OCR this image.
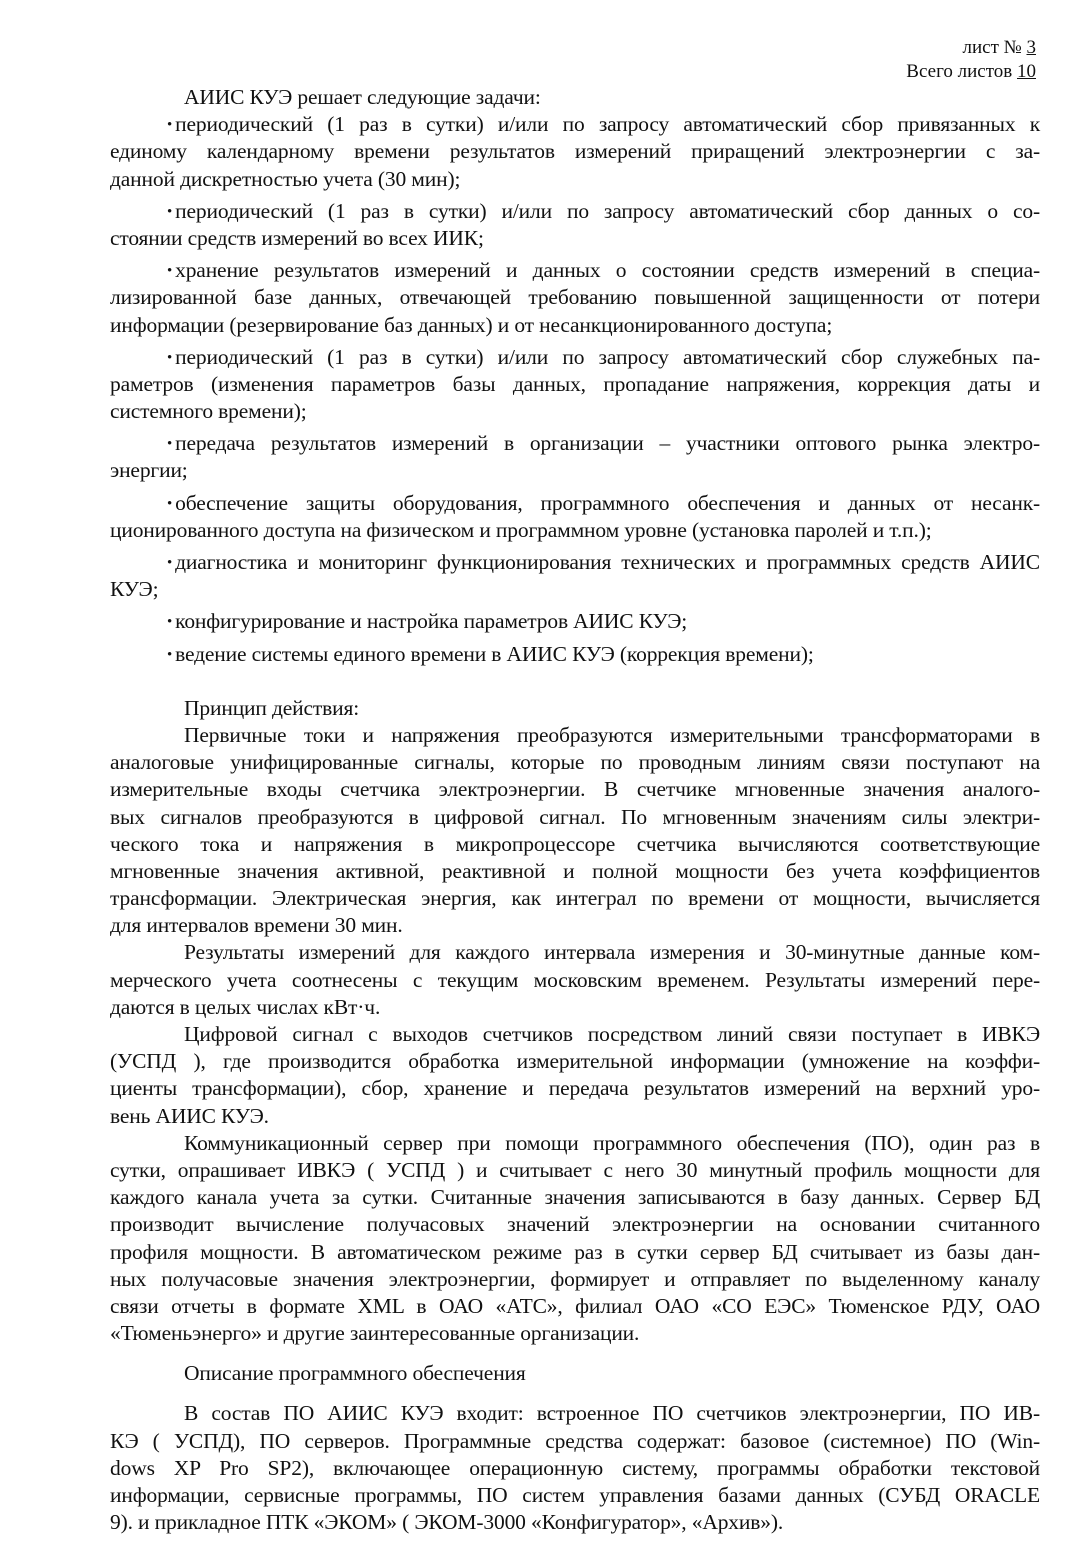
лист № 3
Всего листов 10
АИИС КУЭ решает следующие задачи:
• периодический (1 раз в сутки) и/или по запросу автоматический сбор привязанных к
единому календарному времени результатов измерений приращений электроэнергии с за-
данной дискретностью учета (30 мин);
• периодический (1 раз в сутки) и/или по запросу автоматический сбор данных о со-
стоянии средств измерений во всех ИИК;
• хранение результатов измерений и данных о состоянии средств измерений в специа-
лизированной базе данных, отвечающей требованию повышенной защищенности от потери
информации (резервирование баз данных) и от несанкционированного доступа;
• периодический (1 раз в сутки) и/или по запросу автоматический сбор служебных па-
раметров (изменения параметров базы данных, пропадание напряжения, коррекция даты и
системного времени);
• передача результатов измерений в организации – участники оптового рынка электро-
энергии;
• обеспечение защиты оборудования, программного обеспечения и данных от несанк-
ционированного доступа на физическом и программном уровне (установка паролей и т.п.);
• диагностика и мониторинг функционирования технических и программных средств АИИС
КУЭ;
• конфигурирование и настройка параметров АИИС КУЭ;
• ведение системы единого времени в АИИС КУЭ (коррекция времени);
Принцип действия:
Первичные токи и напряжения преобразуются измерительными трансформаторами в
аналоговые унифицированные сигналы, которые по проводным линиям связи поступают на
измерительные входы счетчика электроэнергии. В счетчике мгновенные значения аналого-
вых сигналов преобразуются в цифровой сигнал. По мгновенным значениям силы электри-
ческого тока и напряжения в микропроцессоре счетчика вычисляются соответствующие
мгновенные значения активной, реактивной и полной мощности без учета коэффициентов
трансформации. Электрическая энергия, как интеграл по времени от мощности, вычисляется
для интервалов времени 30 мин.
Результаты измерений для каждого интервала измерения и 30-минутные данные ком-
мерческого учета соотнесены с текущим московским временем. Результаты измерений пере-
даются в целых числах кВт·ч.
Цифровой сигнал с выходов счетчиков посредством линий связи поступает в ИВКЭ
(УСПД ), где производится обработка измерительной информации (умножение на коэффи-
циенты трансформации), сбор, хранение и передача результатов измерений на верхний уро-
вень АИИС КУЭ.
Коммуникационный сервер при помощи программного обеспечения (ПО), один раз в
сутки, опрашивает ИВКЭ ( УСПД ) и считывает с него 30 минутный профиль мощности для
каждого канала учета за сутки. Считанные значения записываются в базу данных. Сервер БД
производит вычисление получасовых значений электроэнергии на основании считанного
профиля мощности. В автоматическом режиме раз в сутки сервер БД считывает из базы дан-
ных получасовые значения электроэнергии, формирует и отправляет по выделенному каналу
связи отчеты в формате XML в ОАО «АТС», филиал ОАО «СО ЕЭС» Тюменское РДУ, ОАО
«Тюменьэнерго» и другие заинтересованные организации.
Описание программного обеспечения
В состав ПО АИИС КУЭ входит: встроенное ПО счетчиков электроэнергии, ПО ИВ-
КЭ ( УСПД), ПО серверов. Программные средства содержат: базовое (системное) ПО (Win-
dows XP Pro SP2), включающее операционную систему, программы обработки текстовой
информации, сервисные программы, ПО систем управления базами данных (СУБД ORACLE
9). и прикладное ПТК «ЭКОМ» ( ЭКОМ-3000 «Конфигуратор», «Архив»).
